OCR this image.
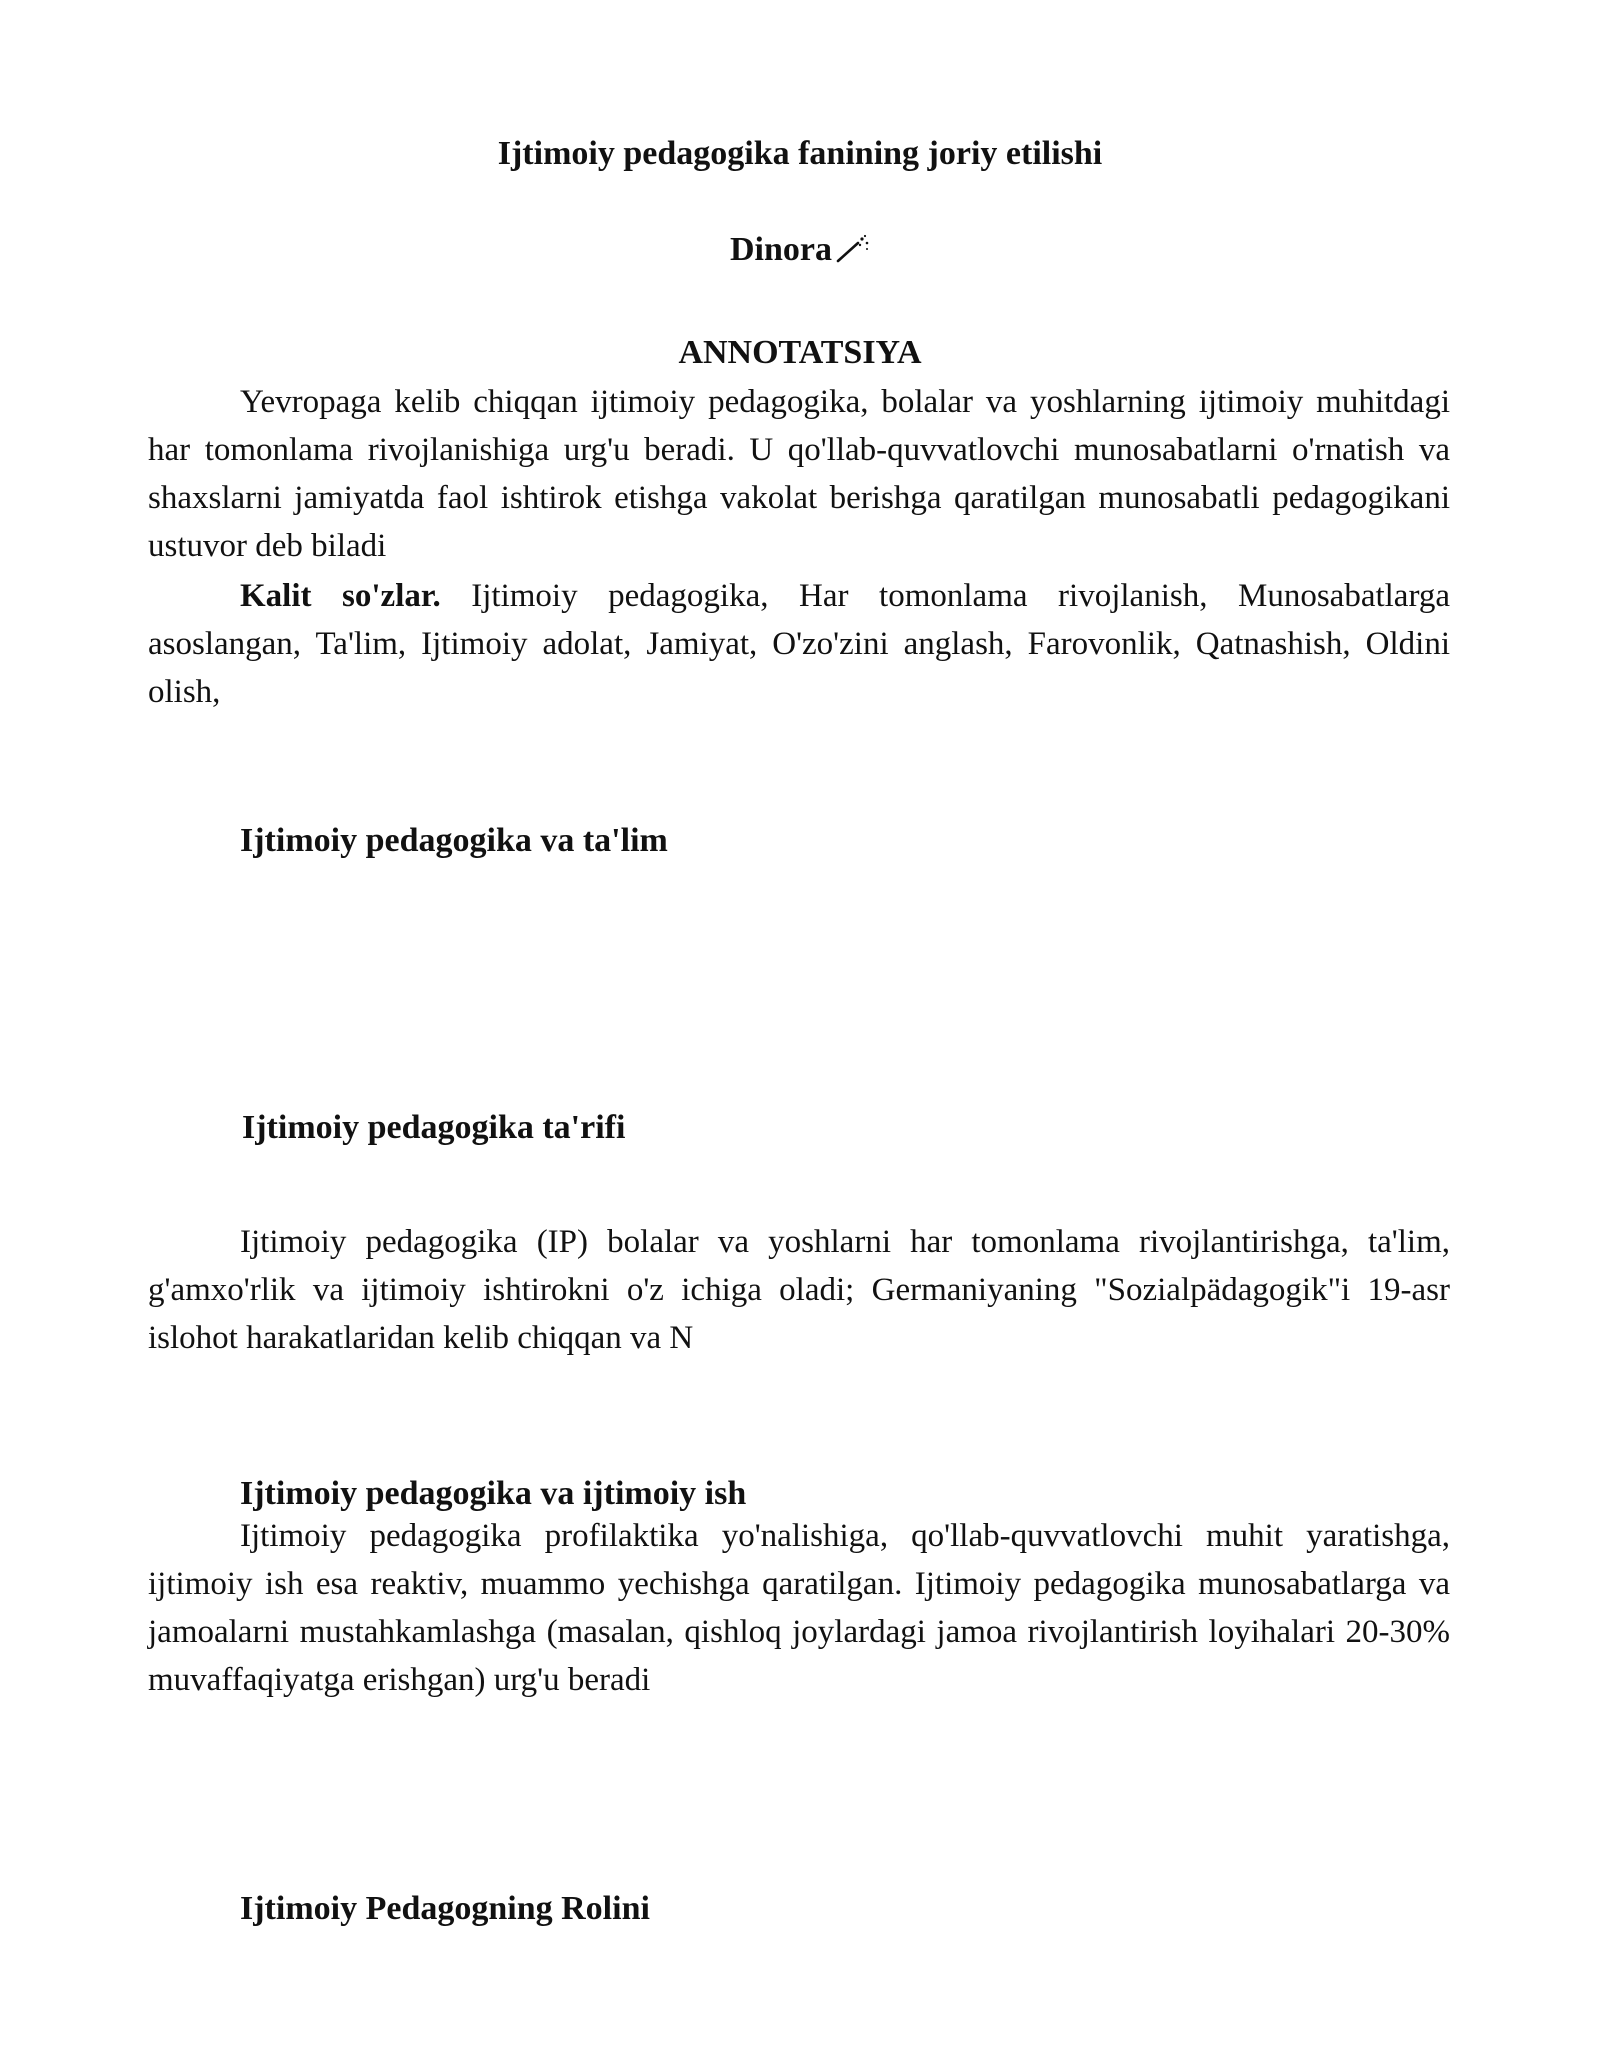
Ijtimoiy pedagogika fanining joriy etilishi
Dinora
ANNOTATSIYA

Yevropaga kelib chiqqan ijtimoiy pedagogika, bolalar va yoshlarning ijtimoiy muhitdagi har tomonlama rivojlanishiga urg'u beradi. U qo'llab-quvvatlovchi munosabatlarni o'rnatish va shaxslarni jamiyatda faol ishtirok etishga vakolat berishga qaratilgan munosabatli pedagogikani ustuvor deb biladi

Kalit so'zlar. Ijtimoiy pedagogika, Har tomonlama rivojlanish, Munosabatlarga asoslangan, Ta'lim, Ijtimoiy adolat, Jamiyat, O'zo'zini anglash, Farovonlik, Qatnashish, Oldini olish,

Ijtimoiy pedagogika va ta'lim
Ijtimoiy pedagogika ta'rifi

Ijtimoiy pedagogika (IP) bolalar va yoshlarni har tomonlama rivojlantirishga, ta'lim, g'amxo'rlik va ijtimoiy ishtirokni o'z ichiga oladi; Germaniyaning "Sozialpädagogik"i 19-asr islohot harakatlaridan kelib chiqqan va N

Ijtimoiy pedagogika va ijtimoiy ish

Ijtimoiy pedagogika profilaktika yo'nalishiga, qo'llab-quvvatlovchi muhit yaratishga, ijtimoiy ish esa reaktiv, muammo yechishga qaratilgan. Ijtimoiy pedagogika munosabatlarga va jamoalarni mustahkamlashga (masalan, qishloq joylardagi jamoa rivojlantirish loyihalari 20-30% muvaffaqiyatga erishgan) urg'u beradi

Ijtimoiy Pedagogning Rolini
